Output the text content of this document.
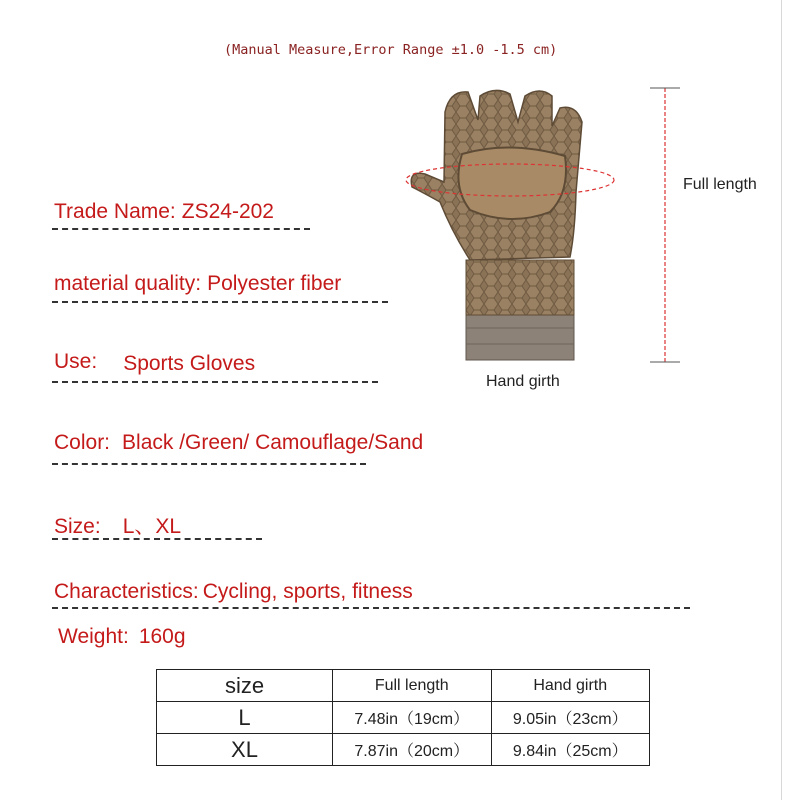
(Manual Measure,Error Range ±1.0 -1.5 cm)
Trade Name: ZS24-202
material quality: Polyester fiber
Use: Sports Gloves
Color: Black /Green/ Camouflage/Sand
Size: L、XL
Characteristics: Cycling, sports, fitness
Weight: 160g
Full length
Hand girth
size	Full length	Hand girth
L	7.48in（19cm）	9.05in（23cm）
XL	7.87in（20cm）	9.84in（25cm）
